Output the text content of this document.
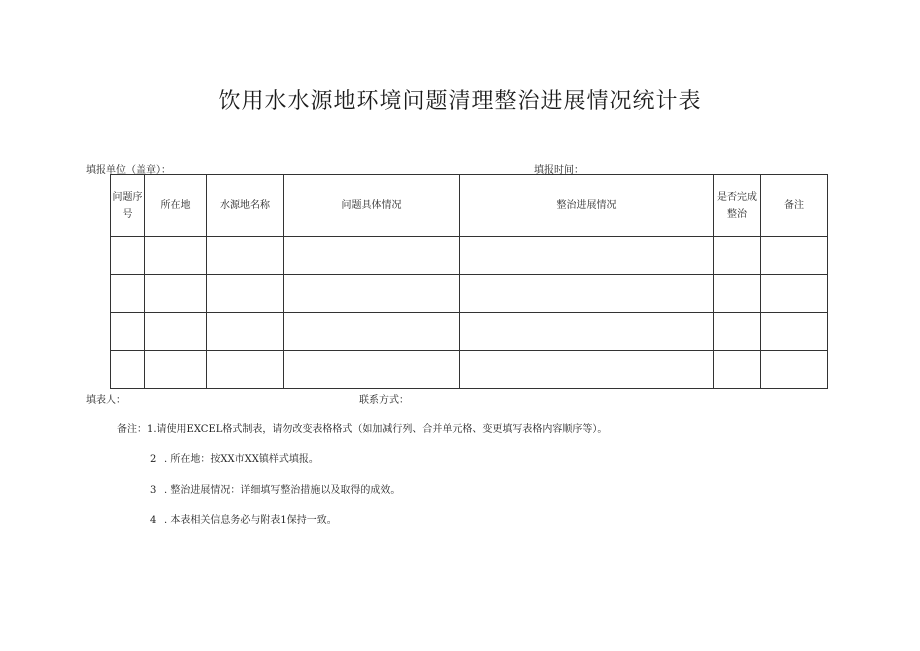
饮用水水源地环境问题清理整治进展情况统计表
填报单位（盖章）：	填报时间：
问题序号	所在地	水源地名称	问题具体情况	整治进展情况	是否完成整治	备注

填表人：	联系方式：
备注：1.请使用EXCEL格式制表，请勿改变表格格式（如加减行列、合并单元格、变更填写表格内容顺序等）。
2 . 所在地：按XX市XX镇样式填报。
3 . 整治进展情况：详细填写整治措施以及取得的成效。
4 . 本表相关信息务必与附表1保持一致。
